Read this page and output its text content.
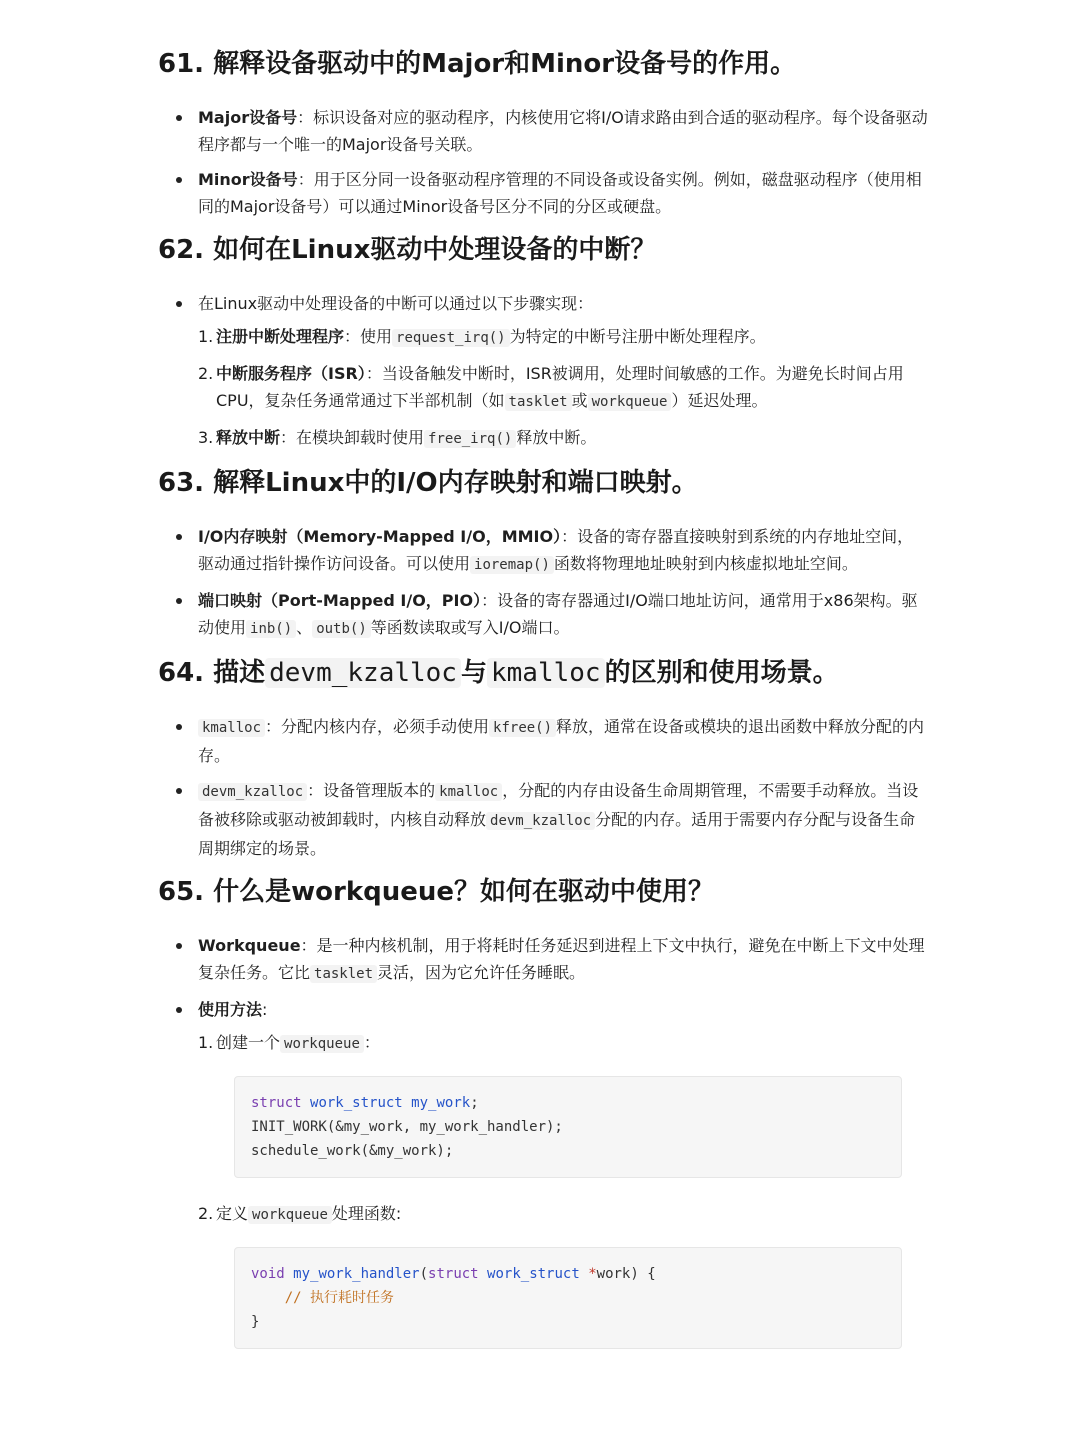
61. 解释设备驱动中的Major和Minor设备号的作用。
Major设备号：标识设备对应的驱动程序，内核使用它将I/O请求路由到合适的驱动程序。每个设备驱动程序都与一个唯一的Major设备号关联。
Minor设备号：用于区分同一设备驱动程序管理的不同设备或设备实例。例如，磁盘驱动程序（使用相同的Major设备号）可以通过Minor设备号区分不同的分区或硬盘。
62. 如何在Linux驱动中处理设备的中断？
在Linux驱动中处理设备的中断可以通过以下步骤实现：
1. 注册中断处理程序：使用 request_irq() 为特定的中断号注册中断处理程序。
2. 中断服务程序（ISR）：当设备触发中断时，ISR被调用，处理时间敏感的工作。为避免长时间占用CPU，复杂任务通常通过下半部机制（如 tasklet 或 workqueue ）延迟处理。
3. 释放中断：在模块卸载时使用 free_irq() 释放中断。
63. 解释Linux中的I/O内存映射和端口映射。
I/O内存映射（Memory-Mapped I/O，MMIO）：设备的寄存器直接映射到系统的内存地址空间，驱动通过指针操作访问设备。可以使用 ioremap() 函数将物理地址映射到内核虚拟地址空间。
端口映射（Port-Mapped I/O，PIO）：设备的寄存器通过I/O端口地址访问，通常用于x86架构。驱动使用 inb() 、 outb() 等函数读取或写入I/O端口。
64. 描述 devm_kzalloc 与 kmalloc 的区别和使用场景。
kmalloc ：分配内核内存，必须手动使用 kfree() 释放，通常在设备或模块的退出函数中释放分配的内存。
devm_kzalloc ：设备管理版本的 kmalloc ，分配的内存由设备生命周期管理，不需要手动释放。当设备被移除或驱动被卸载时，内核自动释放 devm_kzalloc 分配的内存。适用于需要内存分配与设备生命周期绑定的场景。
65. 什么是workqueue？如何在驱动中使用？
Workqueue：是一种内核机制，用于将耗时任务延迟到进程上下文中执行，避免在中断上下文中处理复杂任务。它比 tasklet 灵活，因为它允许任务睡眠。
使用方法:
1. 创建一个 workqueue ：
struct work_struct my_work;
INIT_WORK(&my_work, my_work_handler);
schedule_work(&my_work);
2. 定义 workqueue 处理函数:
void my_work_handler(struct work_struct *work) {
// 执行耗时任务
}
